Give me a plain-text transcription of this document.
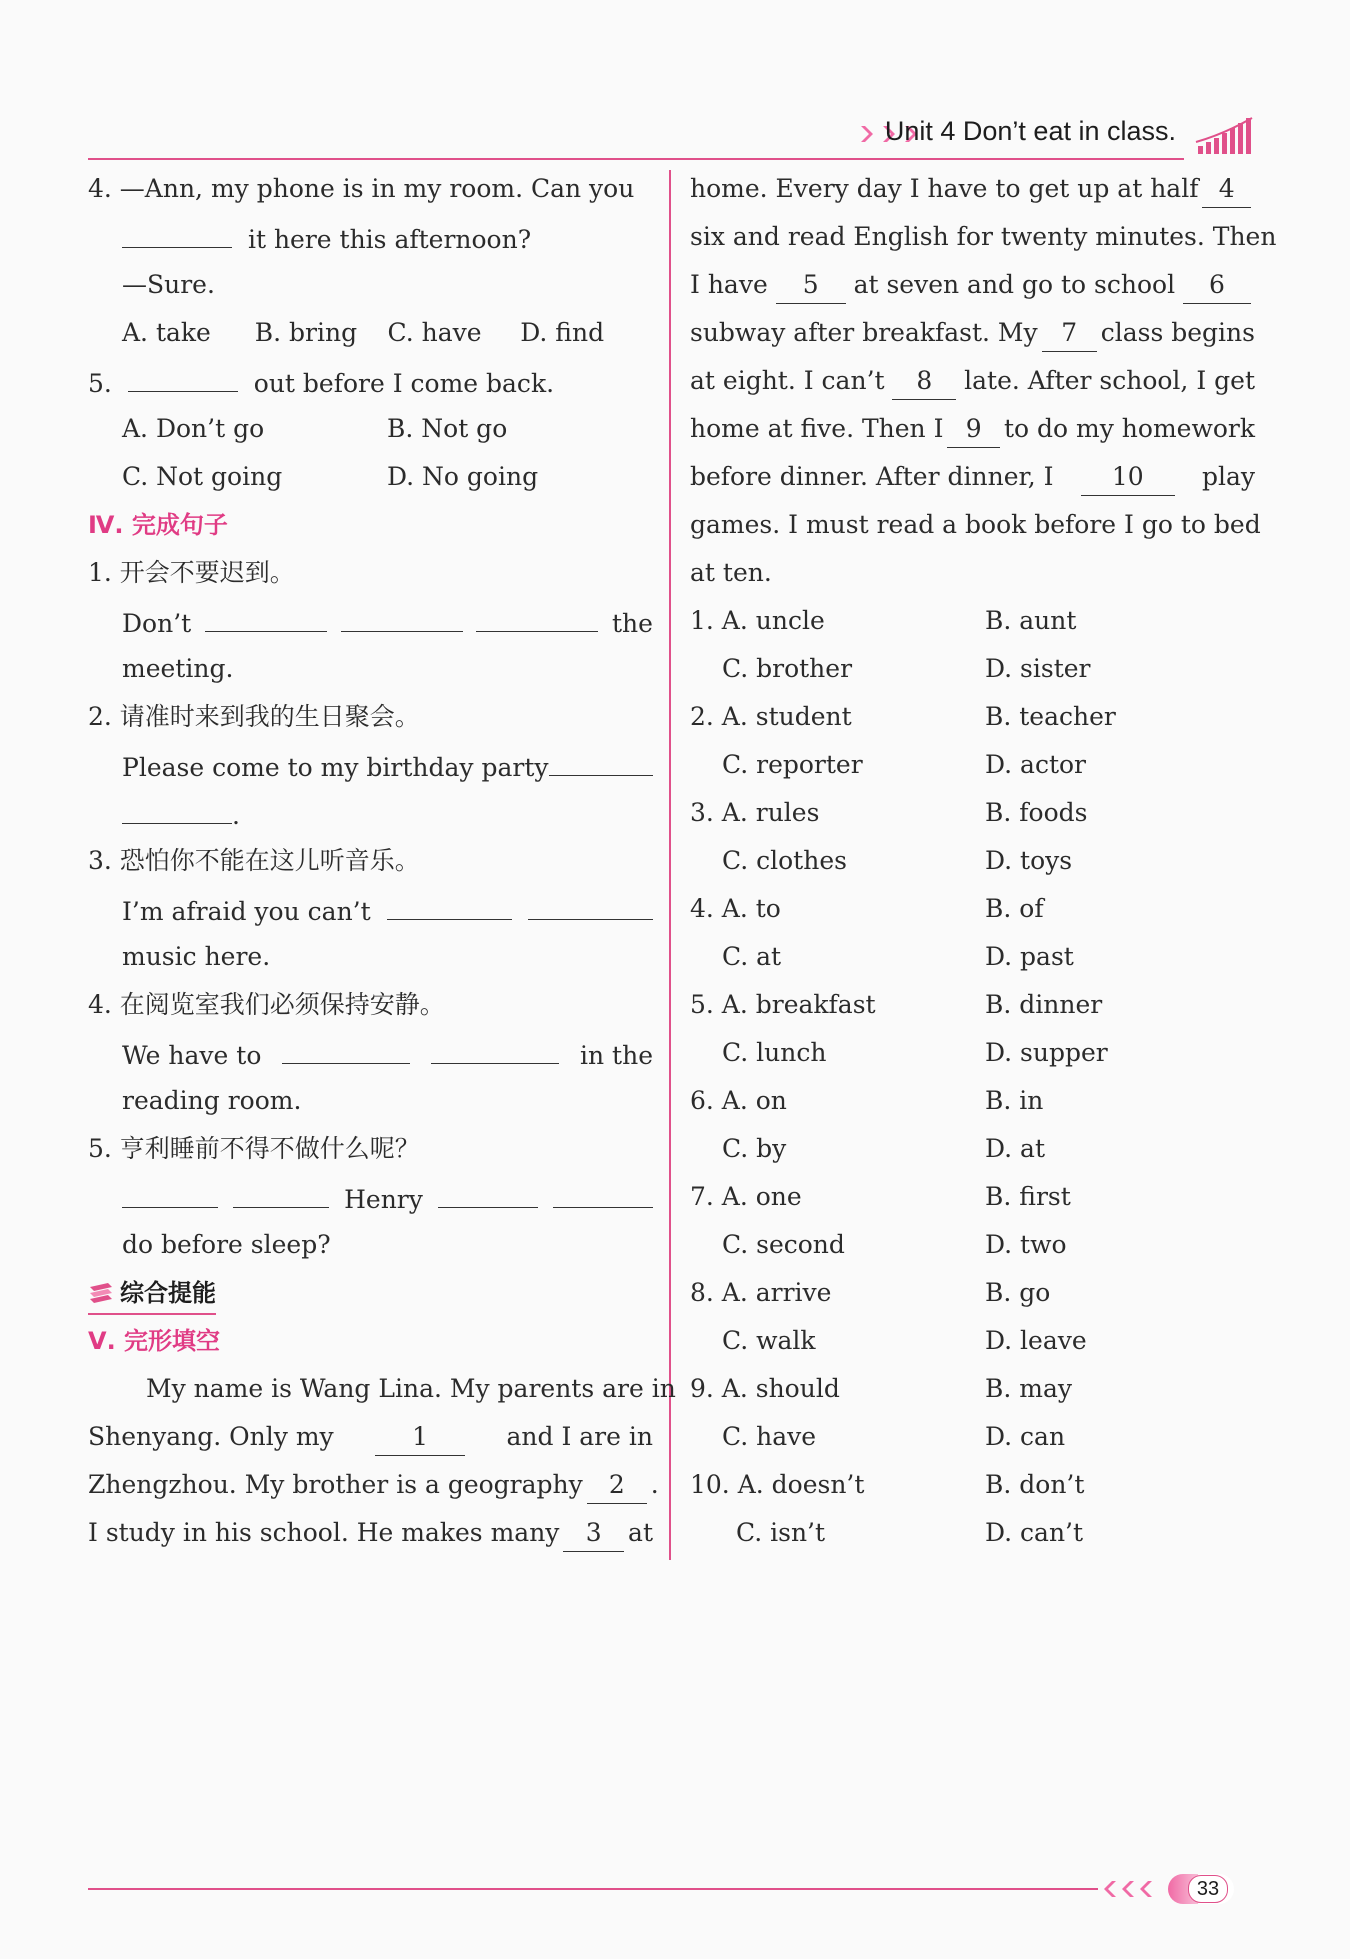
Unit 4 Don’t eat in class.
4. —Ann, my phone is in my room. Can you
it here this afternoon?
—Sure.
A. take	B. bring	C. have	D. find
5.	out before I come back.
A. Don’t go	B. Not go
C. Not going	D. No going
Ⅳ. 完成句子
1. 开会不要迟到。
Don’t	the
meeting.
2. 请准时来到我的生日聚会。
Please come to my birthday party
.
3. 恐怕你不能在这儿听音乐。
I’m afraid you can’t
music here.
4. 在阅览室我们必须保持安静。
We have to	in the
reading room.
5. 亨利睡前不得不做什么呢？
Henry
do before sleep?
综合提能
Ⅴ. 完形填空
My name is Wang Lina. My parents are in
Shenyang. Only my	1	and I are in
Zhengzhou. My brother is a geography	2 .
I study in his school. He makes many	3	at
home. Every day I have to get up at half 4
six and read English for twenty minutes. Then
I have	5	at seven and go to school	6
subway after breakfast. My 7 class begins
at eight. I can’t	8	late. After school, I get
home at five. Then I 9 to do my homework
before dinner. After dinner, I	10	play
games. I must read a book before I go to bed
at ten.
1. A. uncle	B. aunt
C. brother	D. sister
2. A. student	B. teacher
C. reporter	D. actor
3. A. rules	B. foods
C. clothes	D. toys
4. A. to	B. of
C. at	D. past
5. A. breakfast	B. dinner
C. lunch	D. supper
6. A. on	B. in
C. by	D. at
7. A. one	B. first
C. second	D. two
8. A. arrive	B. go
C. walk	D. leave
9. A. should	B. may
C. have	D. can
10. A. doesn’t	B. don’t
C. isn’t	D. can’t
33
